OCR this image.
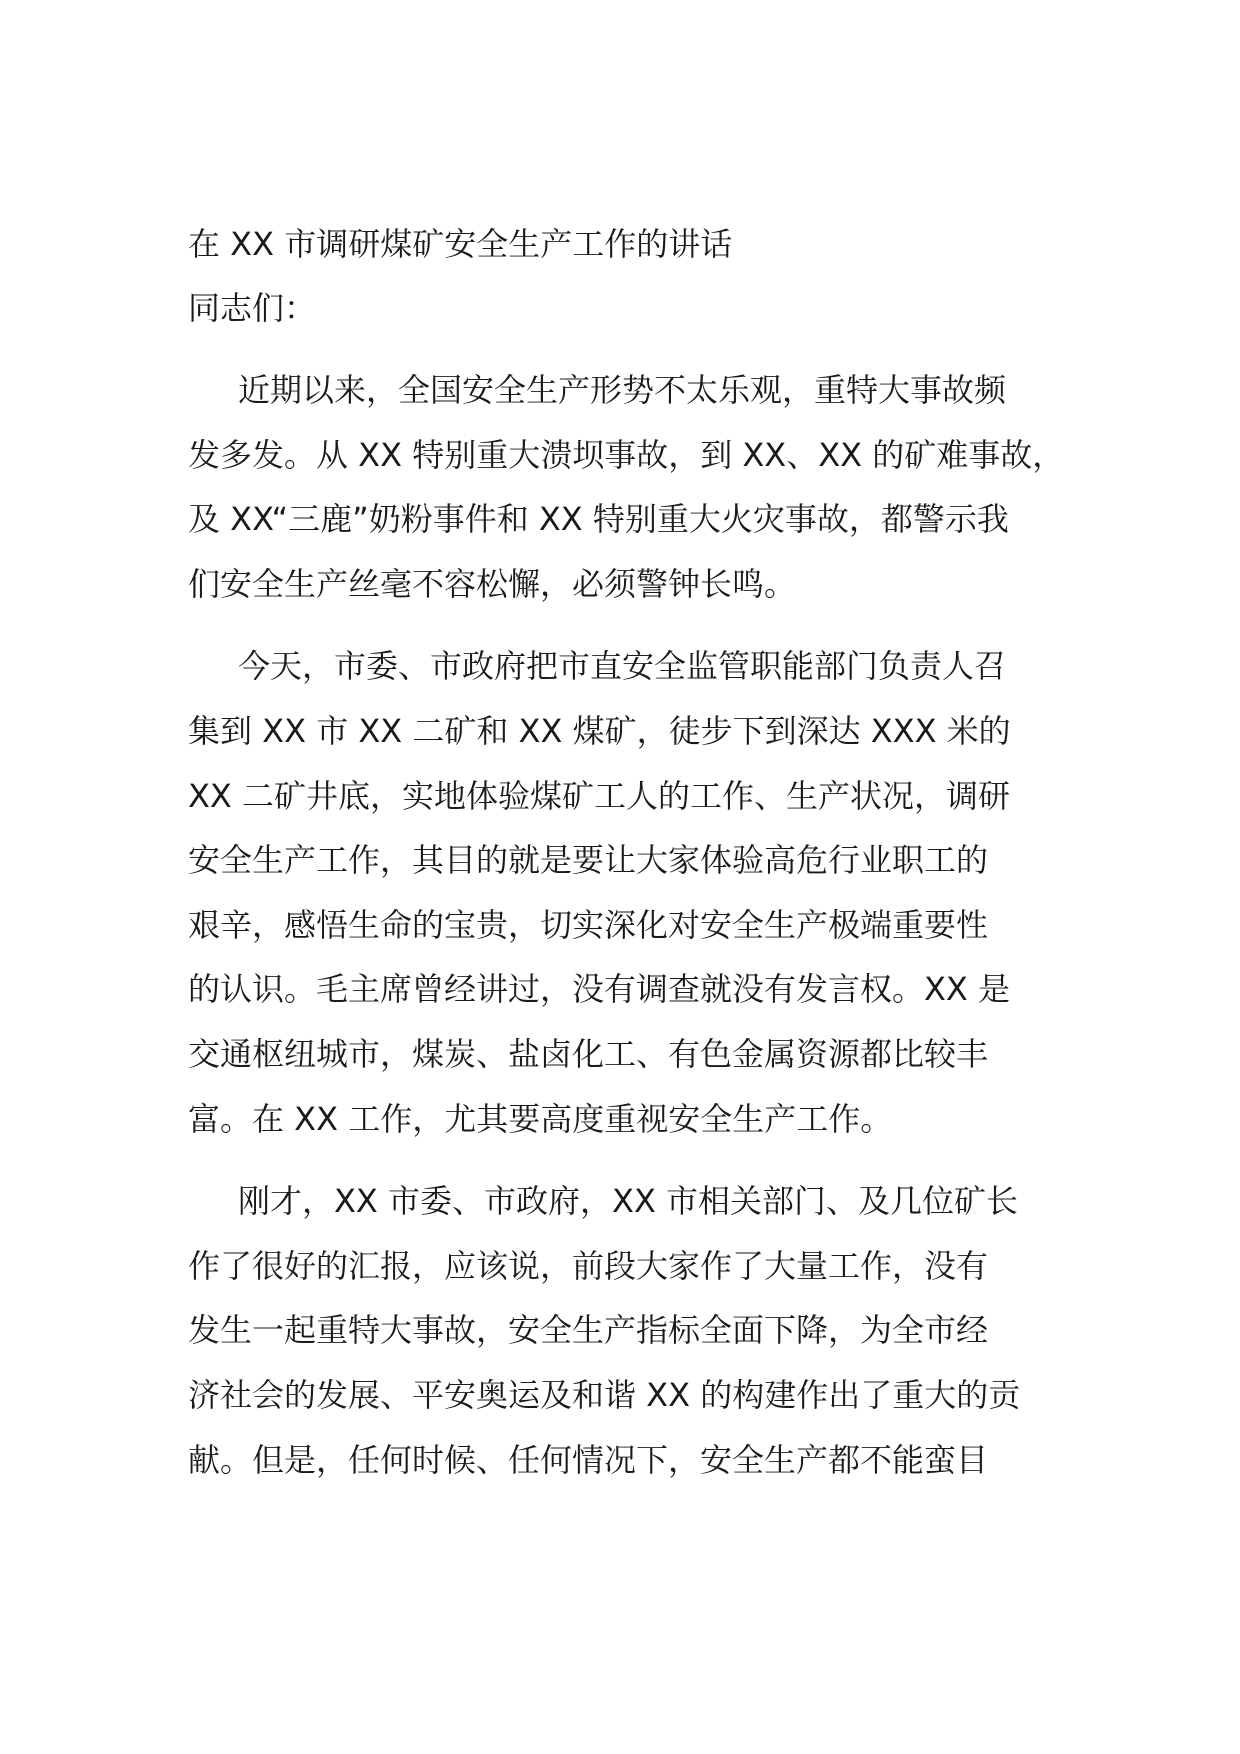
在 XX 市调研煤矿安全生产工作的讲话
同志们：
近期以来，全国安全生产形势不太乐观，重特大事故频
发多发。从 XX 特别重大溃坝事故，到 XX、XX 的矿难事故，
及 XX“三鹿”奶粉事件和 XX 特别重大火灾事故，都警示我
们安全生产丝毫不容松懈，必须警钟长鸣。
今天，市委、市政府把市直安全监管职能部门负责人召
集到 XX 市 XX 二矿和 XX 煤矿，徒步下到深达 XXX 米的
XX 二矿井底，实地体验煤矿工人的工作、生产状况，调研
安全生产工作，其目的就是要让大家体验高危行业职工的
艰辛，感悟生命的宝贵，切实深化对安全生产极端重要性
的认识。毛主席曾经讲过，没有调查就没有发言权。XX 是
交通枢纽城市，煤炭、盐卤化工、有色金属资源都比较丰
富。在 XX 工作，尤其要高度重视安全生产工作。
刚才，XX 市委、市政府，XX 市相关部门、及几位矿长
作了很好的汇报，应该说，前段大家作了大量工作，没有
发生一起重特大事故，安全生产指标全面下降，为全市经
济社会的发展、平安奥运及和谐 XX 的构建作出了重大的贡
献。但是，任何时候、任何情况下，安全生产都不能蛮目
